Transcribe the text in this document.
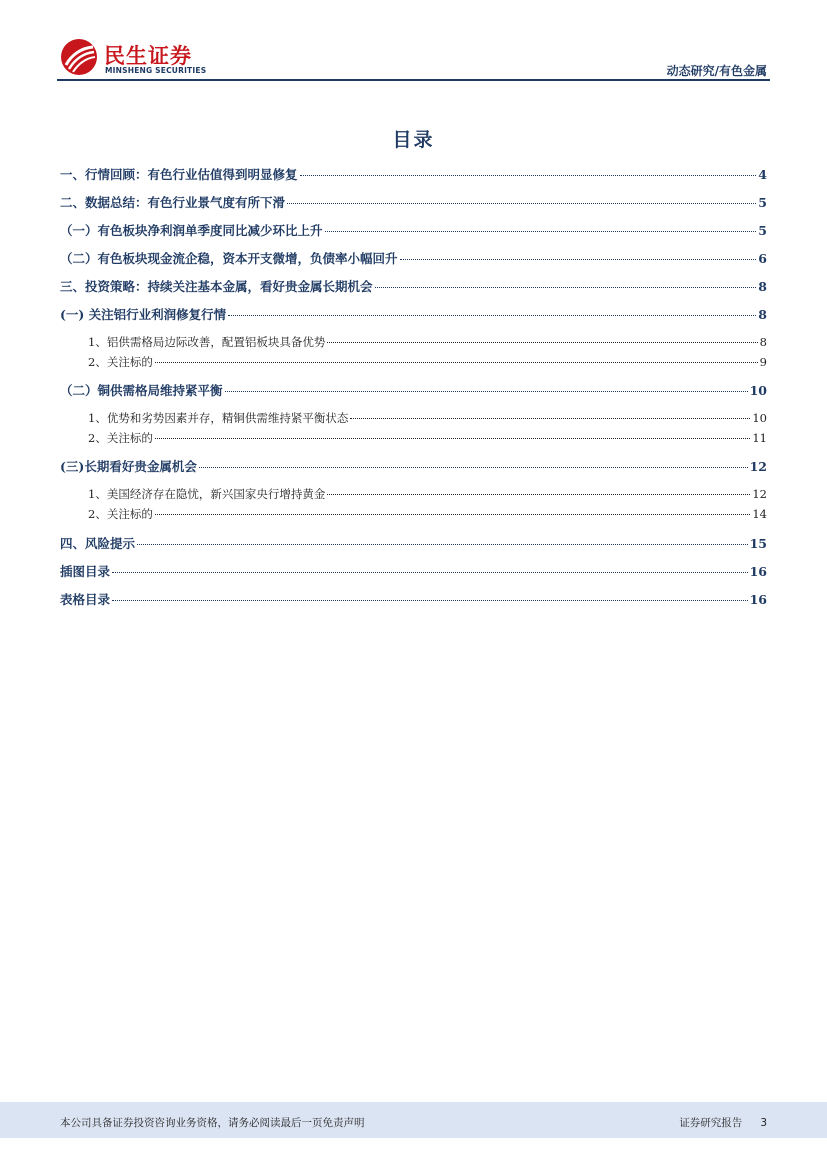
民生证券
MINSHENG SECURITIES	动态研究/有色金属
目录
一、行情回顾：有色行业估值得到明显修复	4
二、数据总结：有色行业景气度有所下滑	5
（一）有色板块净利润单季度同比减少环比上升	5
（二）有色板块现金流企稳，资本开支微增，负债率小幅回升	6
三、投资策略：持续关注基本金属，看好贵金属长期机会	8
(一) 关注铝行业利润修复行情	8
1、铝供需格局边际改善，配置铝板块具备优势	8
2、关注标的	9
（二）铜供需格局维持紧平衡	10
1、优势和劣势因素并存，精铜供需维持紧平衡状态	10
2、关注标的	11
(三)长期看好贵金属机会	12
1、美国经济存在隐忧，新兴国家央行增持黄金	12
2、关注标的	14
四、风险提示	15
插图目录	16
表格目录	16
本公司具备证券投资咨询业务资格，请务必阅读最后一页免责声明	证券研究报告 3
